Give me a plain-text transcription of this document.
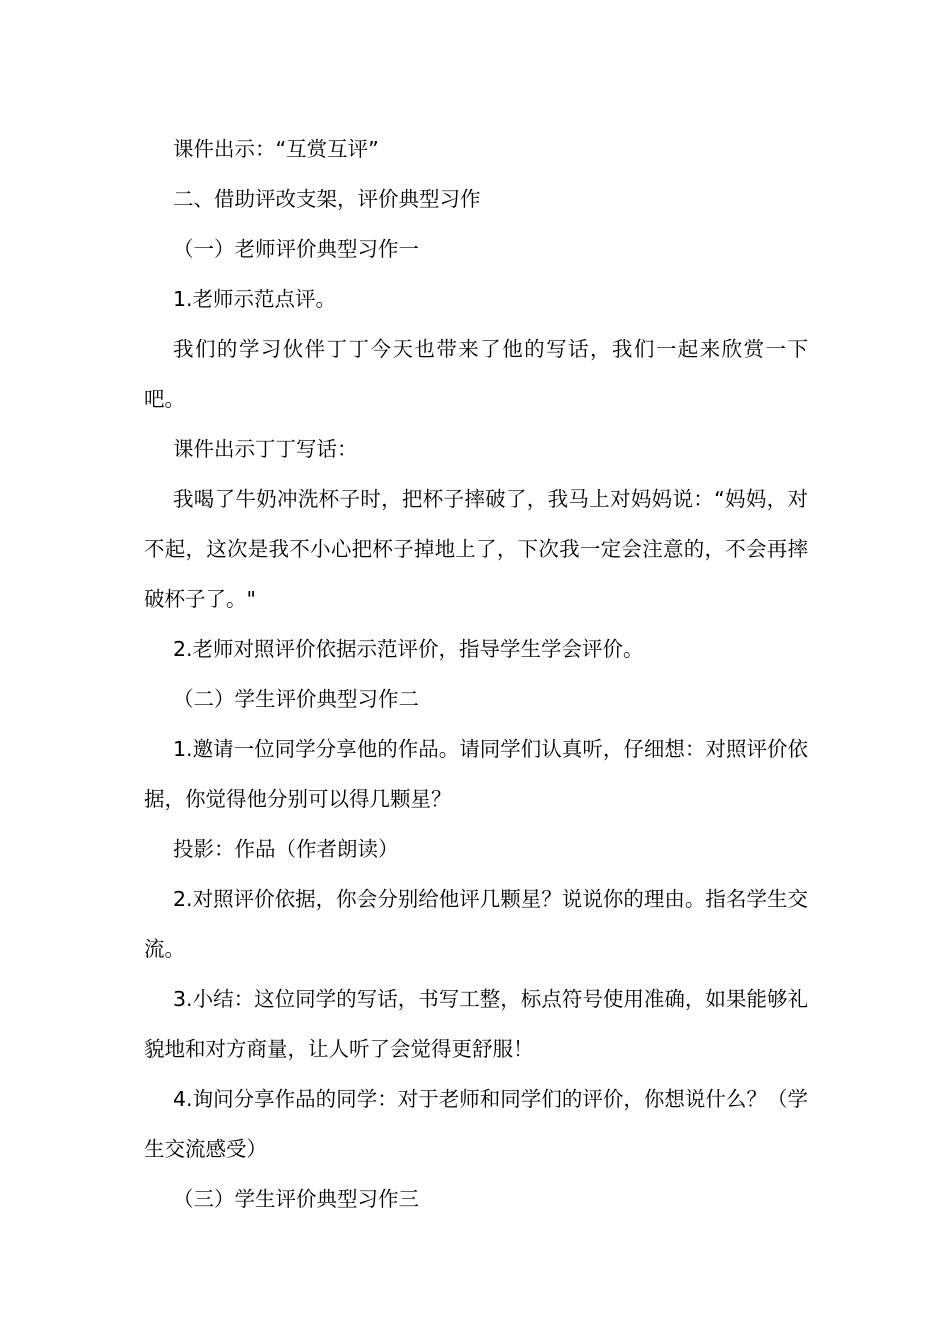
课件出示：“互赏互评”

二、借助评改支架，评价典型习作

（一）老师评价典型习作一

1.老师示范点评。

我们的学习伙伴丁丁今天也带来了他的写话，我们一起来欣赏一下吧。

课件出示丁丁写话：

我喝了牛奶冲洗杯子时，把杯子摔破了，我马上对妈妈说：“妈妈，对不起，这次是我不小心把杯子掉地上了，下次我一定会注意的，不会再摔破杯子了。"

2.老师对照评价依据示范评价，指导学生学会评价。

（二）学生评价典型习作二

1.邀请一位同学分享他的作品。请同学们认真听，仔细想：对照评价依据，你觉得他分别可以得几颗星？

投影：作品（作者朗读）

2.对照评价依据，你会分别给他评几颗星？说说你的理由。指名学生交流。

3.小结：这位同学的写话，书写工整，标点符号使用准确，如果能够礼貌地和对方商量，让人听了会觉得更舒服！

4.询问分享作品的同学：对于老师和同学们的评价，你想说什么？（学生交流感受）

（三）学生评价典型习作三
